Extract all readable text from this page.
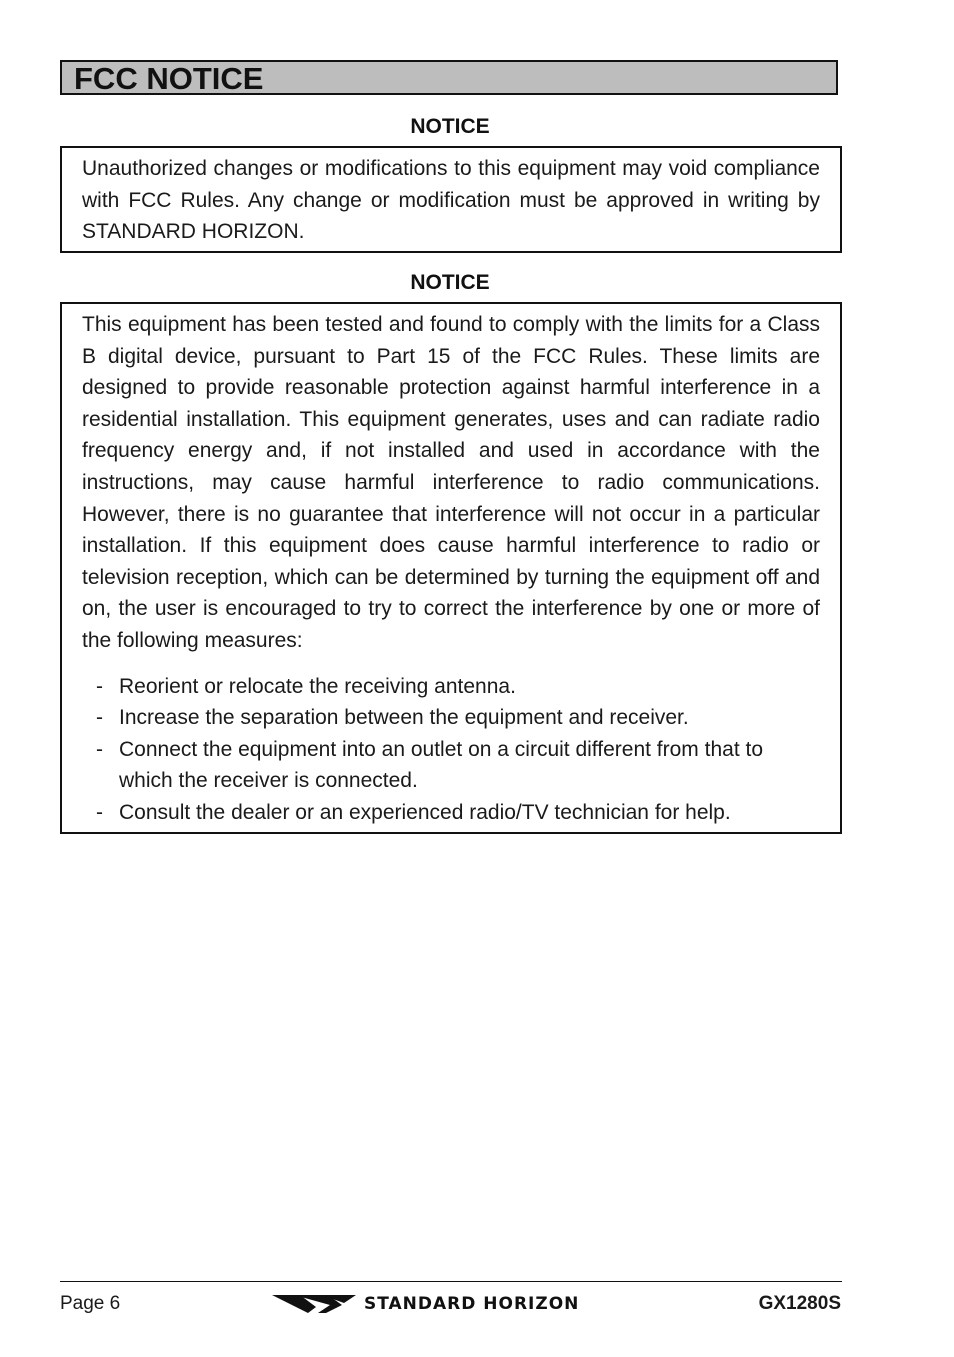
FCC NOTICE
NOTICE

Unauthorized changes or modifications to this equipment may void compliance with FCC Rules. Any change or modification must be approved in writing by STANDARD HORIZON.

NOTICE

This equipment has been tested and found to comply with the limits for a Class B digital device, pursuant to Part 15 of the FCC Rules. These limits are designed to provide reasonable protection against harmful interference in a residential installation. This equipment generates, uses and can radiate radio frequency energy and, if not installed and used in accordance with the instructions, may cause harmful interference to radio communications. However, there is no guarantee that interference will not occur in a particular installation. If this equipment does cause harmful interference to radio or television reception, which can be determined by turning the equipment off and on, the user is encouraged to try to correct the interference by one or more of the following measures:

- Reorient or relocate the receiving antenna.
- Increase the separation between the equipment and receiver.
- Connect the equipment into an outlet on a circuit different from that to which the receiver is connected.
- Consult the dealer or an experienced radio/TV technician for help.
Page 6	STANDARD HORIZON	GX1280S
